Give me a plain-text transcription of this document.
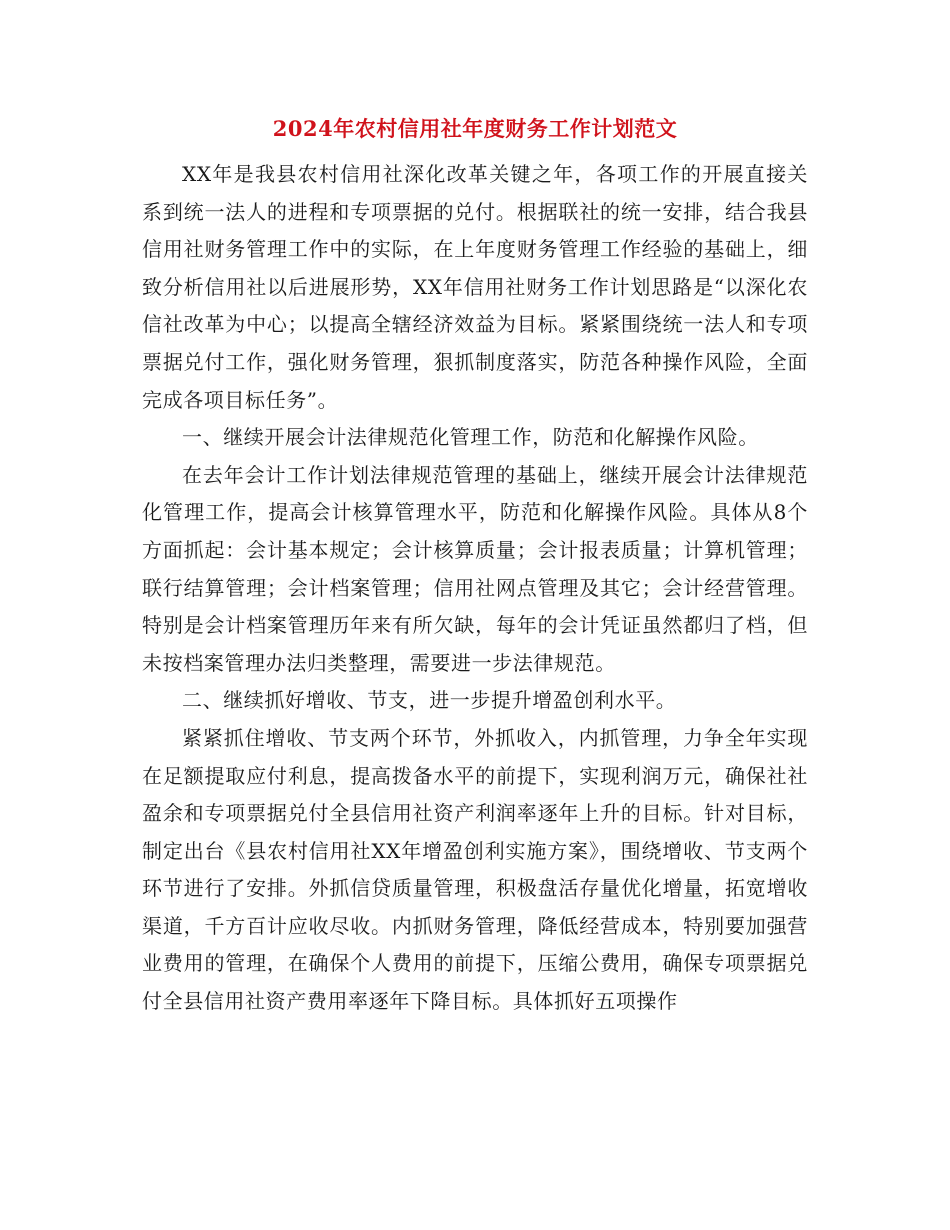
2024年农村信用社年度财务工作计划范文

XX年是我县农村信用社深化改革关键之年，各项工作的开展直接关系到统一法人的进程和专项票据的兑付。根据联社的统一安排，结合我县信用社财务管理工作中的实际，在上年度财务管理工作经验的基础上，细致分析信用社以后进展形势，XX年信用社财务工作计划思路是“以深化农信社改革为中心；以提高全辖经济效益为目标。紧紧围绕统一法人和专项票据兑付工作，强化财务管理，狠抓制度落实，防范各种操作风险，全面完成各项目标任务”。

一、继续开展会计法律规范化管理工作，防范和化解操作风险。

在去年会计工作计划法律规范管理的基础上，继续开展会计法律规范化管理工作，提高会计核算管理水平，防范和化解操作风险。具体从8个方面抓起：会计基本规定；会计核算质量；会计报表质量；计算机管理；联行结算管理；会计档案管理；信用社网点管理及其它；会计经营管理。特别是会计档案管理历年来有所欠缺，每年的会计凭证虽然都归了档，但未按档案管理办法归类整理，需要进一步法律规范。

二、继续抓好增收、节支，进一步提升增盈创利水平。

紧紧抓住增收、节支两个环节，外抓收入，内抓管理，力争全年实现在足额提取应付利息，提高拨备水平的前提下，实现利润万元，确保社社盈余和专项票据兑付全县信用社资产利润率逐年上升的目标。针对目标，制定出台《县农村信用社XX年增盈创利实施方案》，围绕增收、节支两个环节进行了安排。外抓信贷质量管理，积极盘活存量优化增量，拓宽增收渠道，千方百计应收尽收。内抓财务管理，降低经营成本，特别要加强营业费用的管理，在确保个人费用的前提下，压缩公费用，确保专项票据兑付全县信用社资产费用率逐年下降目标。具体抓好五项操作
